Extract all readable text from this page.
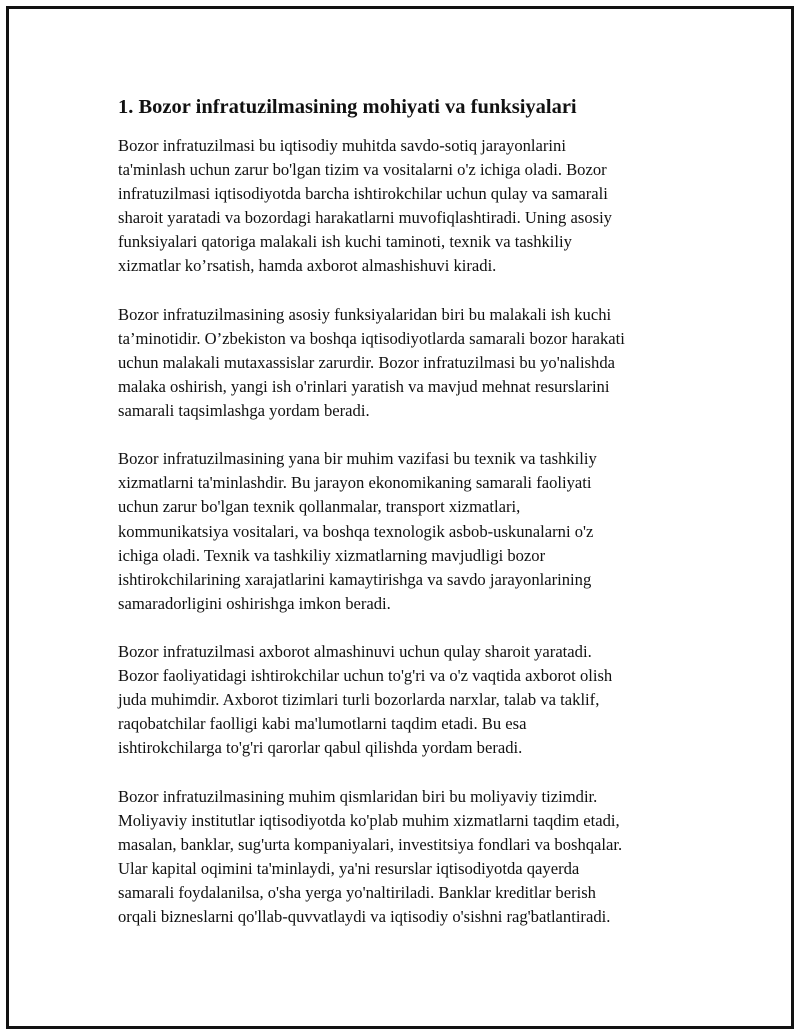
1. Bozor infratuzilmasining mohiyati va funksiyalari
Bozor infratuzilmasi bu iqtisodiy muhitda savdo-sotiq jarayonlarini
ta'minlash uchun zarur bo'lgan tizim va vositalarni o'z ichiga oladi. Bozor
infratuzilmasi iqtisodiyotda barcha ishtirokchilar uchun qulay va samarali
sharoit yaratadi va bozordagi harakatlarni muvofiqlashtiradi. Uning asosiy
funksiyalari qatoriga malakali ish kuchi taminoti, texnik va tashkiliy
xizmatlar ko’rsatish, hamda axborot almashishuvi kiradi.
Bozor infratuzilmasining asosiy funksiyalaridan biri bu malakali ish kuchi
ta’minotidir. O’zbekiston va boshqa iqtisodiyotlarda samarali bozor harakati
uchun malakali mutaxassislar zarurdir. Bozor infratuzilmasi bu yo'nalishda
malaka oshirish, yangi ish o'rinlari yaratish va mavjud mehnat resurslarini
samarali taqsimlashga yordam beradi.
Bozor infratuzilmasining yana bir muhim vazifasi bu texnik va tashkiliy
xizmatlarni ta'minlashdir. Bu jarayon ekonomikaning samarali faoliyati
uchun zarur bo'lgan texnik qollanmalar, transport xizmatlari,
kommunikatsiya vositalari, va boshqa texnologik asbob-uskunalarni o'z
ichiga oladi. Texnik va tashkiliy xizmatlarning mavjudligi bozor
ishtirokchilarining xarajatlarini kamaytirishga va savdo jarayonlarining
samaradorligini oshirishga imkon beradi.
Bozor infratuzilmasi axborot almashinuvi uchun qulay sharoit yaratadi.
Bozor faoliyatidagi ishtirokchilar uchun to'g'ri va o'z vaqtida axborot olish
juda muhimdir. Axborot tizimlari turli bozorlarda narxlar, talab va taklif,
raqobatchilar faolligi kabi ma'lumotlarni taqdim etadi. Bu esa
ishtirokchilarga to'g'ri qarorlar qabul qilishda yordam beradi.
Bozor infratuzilmasining muhim qismlaridan biri bu moliyaviy tizimdir.
Moliyaviy institutlar iqtisodiyotda ko'plab muhim xizmatlarni taqdim etadi,
masalan, banklar, sug'urta kompaniyalari, investitsiya fondlari va boshqalar.
Ular kapital oqimini ta'minlaydi, ya'ni resurslar iqtisodiyotda qayerda
samarali foydalanilsa, o'sha yerga yo'naltiriladi. Banklar kreditlar berish
orqali bizneslarni qo'llab-quvvatlaydi va iqtisodiy o'sishni rag'batlantiradi.
